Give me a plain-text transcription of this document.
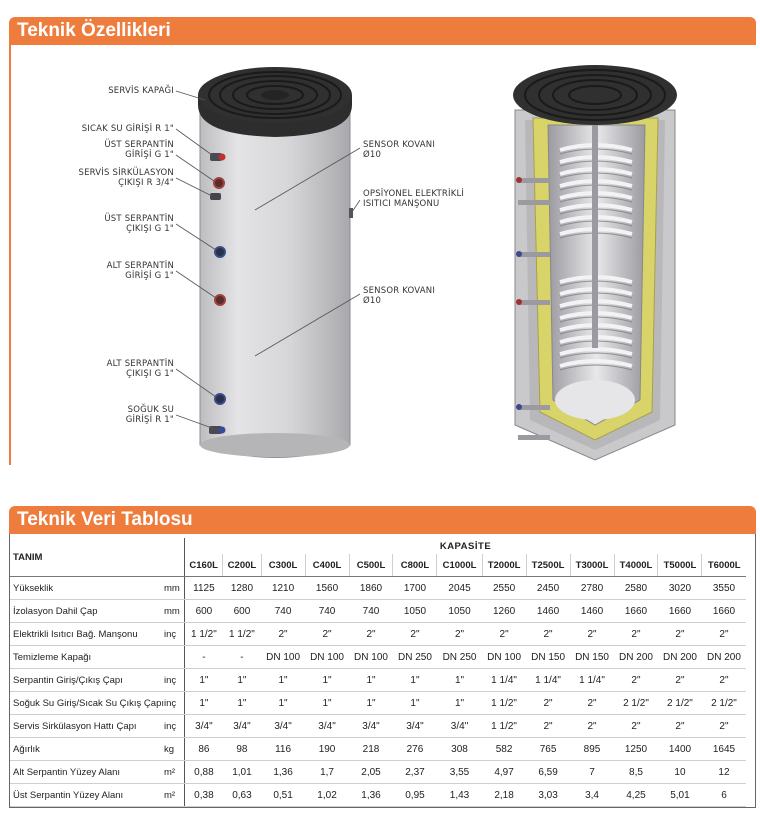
Teknik Özellikleri
SERVİS KAPAĞI
SICAK SU GİRİŞİ R 1"
ÜST SERPANTİN
GİRİŞİ G 1"
SERVİS SİRKÜLASYON
ÇIKIŞI R 3/4"
ÜST SERPANTİN
ÇIKIŞI G 1"
ALT SERPANTİN
GİRİŞİ G 1"
ALT SERPANTİN
ÇIKIŞI G 1"
SOĞUK SU
GİRİŞİ R 1"
SENSOR KOVANI
Ø10
OPSİYONEL ELEKTRİKLİ
ISITICI MANŞONU
SENSOR KOVANI
Ø10
Teknik Veri Tablosu
TANIM		KAPASİTE												
		C160L	C200L	C300L	C400L	C500L	C800L	C1000L	T2000L	T2500L	T3000L	T4000L	T5000L	T6000L
Yükseklik	mm	1125	1280	1210	1560	1860	1700	2045	2550	2450	2780	2580	3020	3550
İzolasyon Dahil Çap	mm	600	600	740	740	740	1050	1050	1260	1460	1460	1660	1660	1660
Elektrikli Isıtıcı Bağ. Manşonu	inç	1 1/2"	1 1/2"	2"	2"	2"	2"	2"	2"	2"	2"	2"	2"	2"
Temizleme Kapağı		-	-	DN 100	DN 100	DN 100	DN 250	DN 250	DN 100	DN 150	DN 150	DN 200	DN 200	DN 200
Serpantin Giriş/Çıkış Çapı	inç	1"	1"	1"	1"	1"	1"	1"	1 1/4"	1 1/4"	1 1/4"	2"	2"	2"
Soğuk Su Giriş/Sıcak Su Çıkış Çapı	inç	1"	1"	1"	1"	1"	1"	1"	1 1/2"	2"	2"	2 1/2"	2 1/2"	2 1/2"
Servis Sirkülasyon Hattı Çapı	inç	3/4"	3/4"	3/4"	3/4"	3/4"	3/4"	3/4"	1 1/2"	2"	2"	2"	2"	2"
Ağırlık	kg	86	98	116	190	218	276	308	582	765	895	1250	1400	1645
Alt Serpantin Yüzey Alanı	m²	0,88	1,01	1,36	1,7	2,05	2,37	3,55	4,97	6,59	7	8,5	10	12
Üst Serpantin Yüzey Alanı	m²	0,38	0,63	0,51	1,02	1,36	0,95	1,43	2,18	3,03	3,4	4,25	5,01	6
